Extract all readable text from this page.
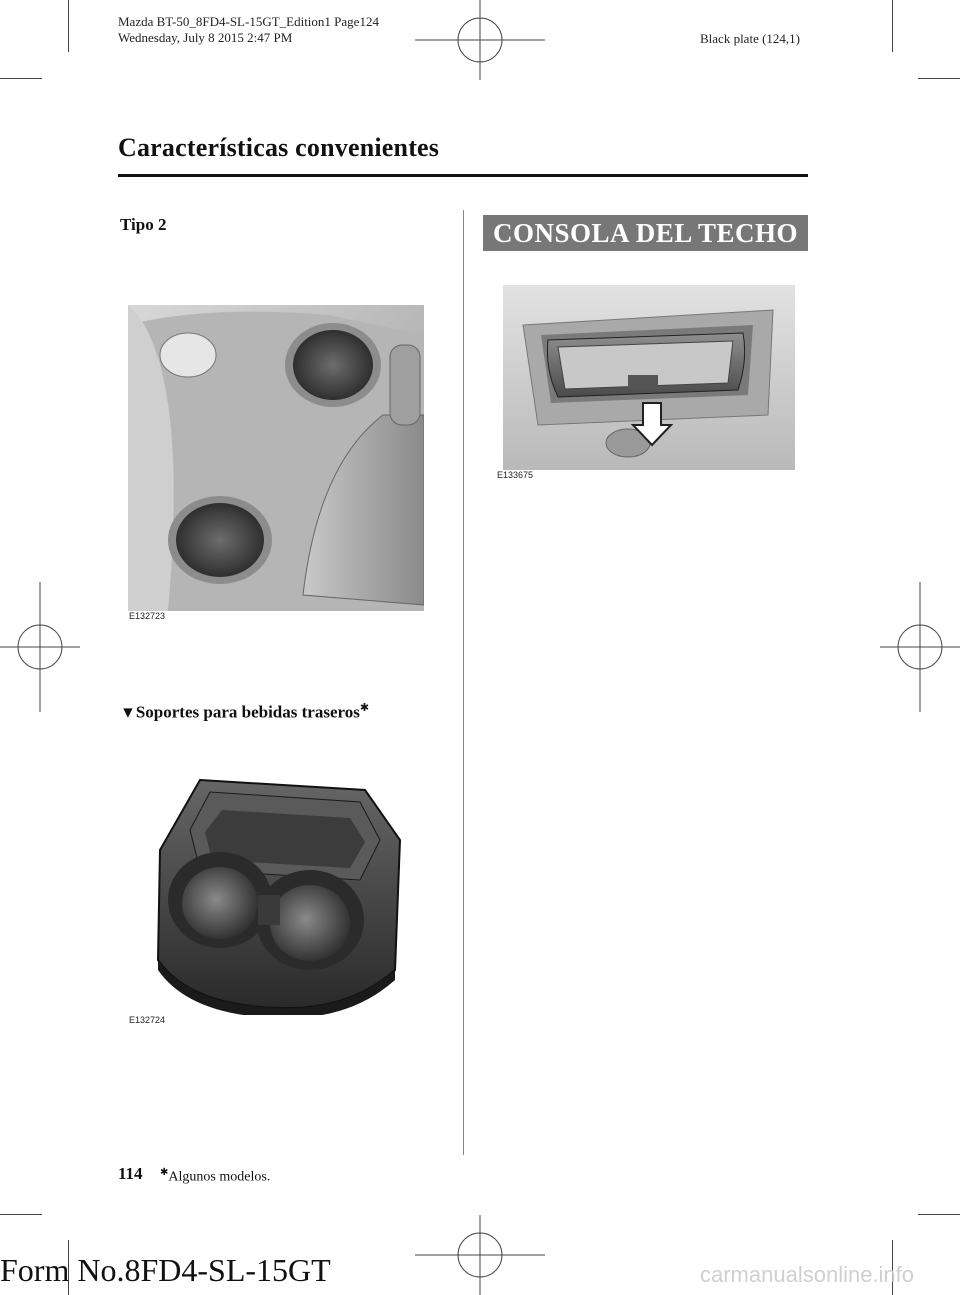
Mazda BT-50_8FD4-SL-15GT_Edition1 Page124
Wednesday, July 8 2015 2:47 PM	Black plate (124,1)
Características convenientes
Tipo 2
E132723
▼Soportes para bebidas traseros✱
E132724
CONSOLA DEL TECHO
E133675
114 ✱Algunos modelos.
Form No.8FD4-SL-15GT	carmanualsonline.info
